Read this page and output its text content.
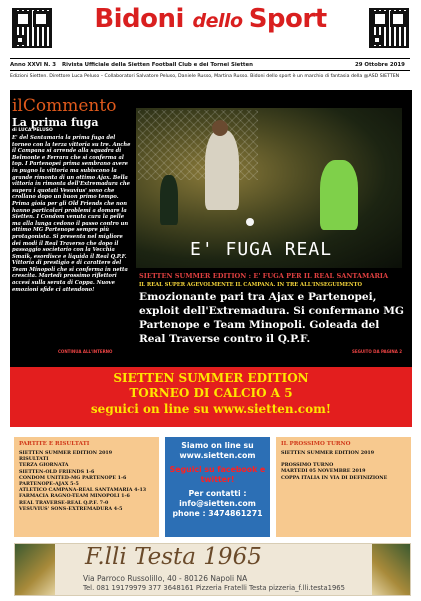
Bidoni dello Sport
Anno XXVI N. 3 Rivista Ufficiale della Sietten Football Club e dei Tornei Sietten	29 Ottobre 2019
Edizioni Sietten. Direttore Luca Peluso – Collaboratori Salvatore Peluso, Daniele Russo, Martina Russo. Bidoni dello sport è un marchio di fantasia della @ASD SIETTEN
ilCommento
La prima fuga
di LUCA PELUSO
E' del Santamaria la prima fuga del torneo con la terza vittoria su tre. Anche il Campana si arrende alla squadra di Belmonte e Ferrara che si conferma al top. I Partenopei prima sembrano avere in pugno la vittoria ma subiscono la grande rimonta di un ottimo Ajax. Bella vittoria in rimonta dell'Extremadura che supera i quotati Vesuvius' sono che crollano dopo un buon primo tempo. Prima gioia per gli Old Friends che non hanno particolari problemi a domare la Sietten. I Condom venuta cura la pelle ma alla lunga cedono il passo contro un ottimo MG Partenope sempre più protagonista. Si presenta nel migliore dei modi il Real Traverso che dopo il passaggio societario con la Vecchia Smaik, esordisce e liquida il Real Q.P.F. Vittoria di prestigio e di carattere del Team Minopoli che si conferma in netta crescita. Martedì prossimo riflettori accesi sulla serata di Coppa. Nuove emozioni sfide ci attendono!
CONTINUA ALL'INTERNO
E' FUGA REAL
SIETTEN SUMMER EDITION : E' FUGA PER IL REAL SANTAMARIA
IL REAL SUPER AGEVOLMENTE IL CAMPANA. IN TRE ALL'INSEGUIMENTO
Emozionante pari tra Ajax e Partenopei, exploit dell'Extremadura. Si confermano MG Partenope e Team Minopoli. Goleada del Real Traverse contro il Q.P.F.
SEGUITO DA PAGINA 2
SIETTEN SUMMER EDITION
TORNEO DI CALCIO A 5
seguici on line su www.sietten.com!
PARTITE E RISULTATI
SIETTEN SUMMER EDITION 2019
RISULTATI
TERZA GIORNATA
SIETTEN-OLD FRIENDS 1-6
CONDOM UNITED-MG PARTENOPE 1-6
PARTENOPE-AJAX 5-5
ATLETICO CAMPANA-REAL SANTAMARIA 4-13
FARMACIA RAGNO-TEAM MINOPOLI 1-6
REAL TRAVERSE-REAL Q.P.F. 7-0
VESUVIUS' SONS-EXTREMADURA 4-5
Siamo on line su
www.sietten.com
Seguici su facebook e twitter!
Per contatti :
info@sietten.com
phone : 3474861271
IL PROSSIMO TURNO
SIETTEN SUMMER EDITION 2019
PROSSIMO TURNO
MARTEDI 05 NOVEMBRE 2019
COPPA ITALIA IN VIA DI DEFINIZIONE
F.lli Testa 1965
Via Parroco Russolillo, 40 - 80126 Napoli NA
Tel. 081 19179979 377 3648161 Pizzeria Fratelli Testa pizzeria_f.lli.testa1965
